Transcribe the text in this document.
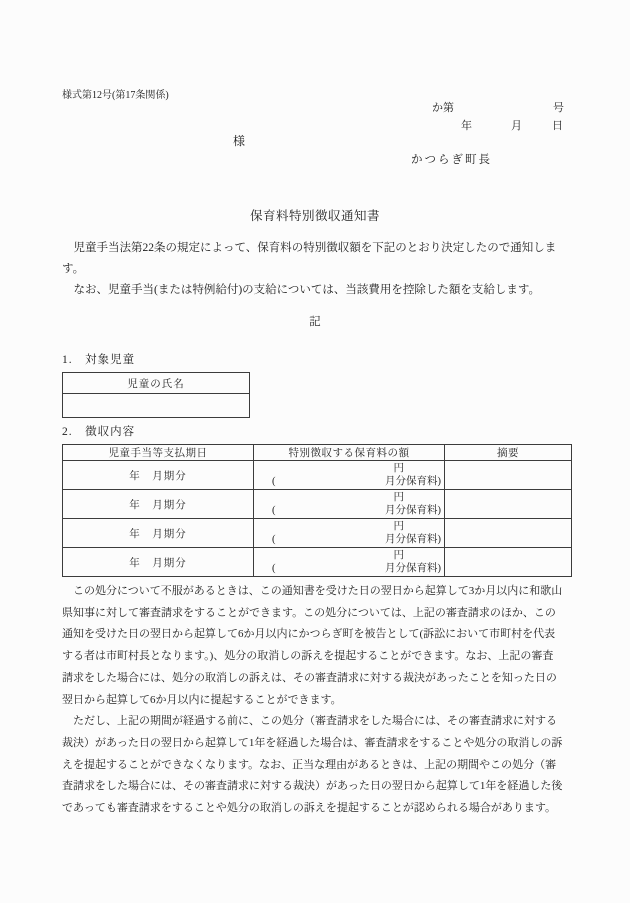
様式第12号(第17条関係)
か第	号
年	月	日
様
かつらぎ町長
保育料特別徴収通知書
　児童手当法第22条の規定によって、保育料の特別徴収額を下記のとおり決定したので通知しま
す。
　なお、児童手当(または特例給付)の支給については、当該費用を控除した額を支給します。
記
1.　対象児童
児童の氏名

2.　徴収内容
児童手当等支払期日	特別徴収する保育料の額	摘要
年　月期分	円
( 月分保育料)	

年　月期分	円
( 月分保育料)	

年　月期分	円
( 月分保育料)	

年　月期分	円
( 月分保育料)	

　この処分について不服があるときは、この通知書を受けた日の翌日から起算して3か月以内に和歌山
県知事に対して審査請求をすることができます。この処分については、上記の審査請求のほか、この
通知を受けた日の翌日から起算して6か月以内にかつらぎ町を被告として(訴訟において市町村を代表
する者は市町村長となります。)、処分の取消しの訴えを提起することができます。なお、上記の審査
請求をした場合には、処分の取消しの訴えは、その審査請求に対する裁決があったことを知った日の
翌日から起算して6か月以内に提起することができます。
　ただし、上記の期間が経過する前に、この処分（審査請求をした場合には、その審査請求に対する
裁決）があった日の翌日から起算して1年を経過した場合は、審査請求をすることや処分の取消しの訴
えを提起することができなくなります。なお、正当な理由があるときは、上記の期間やこの処分（審
査請求をした場合には、その審査請求に対する裁決）があった日の翌日から起算して1年を経過した後
であっても審査請求をすることや処分の取消しの訴えを提起することが認められる場合があります。
